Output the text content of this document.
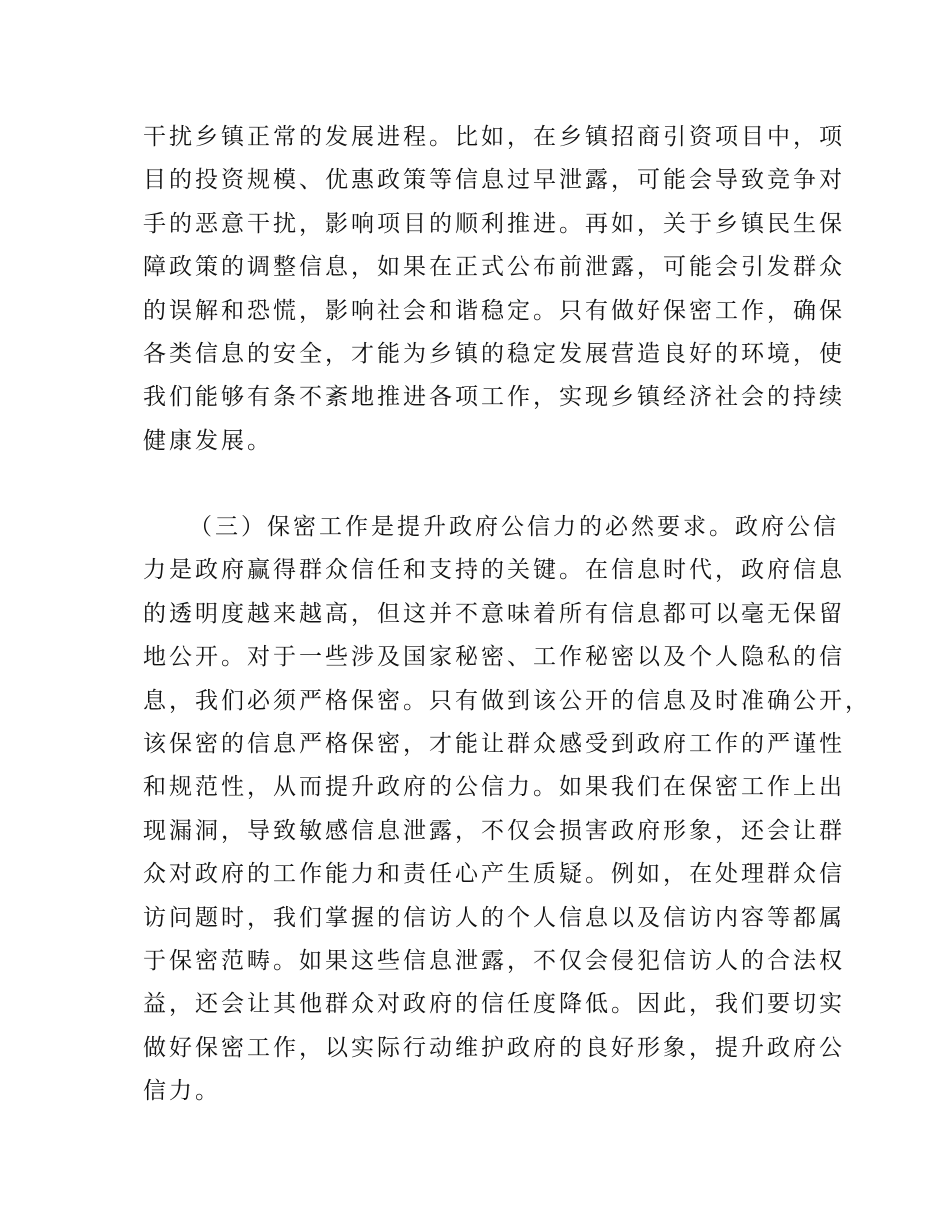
干扰乡镇正常的发展进程。比如，在乡镇招商引资项目中，项
目的投资规模、优惠政策等信息过早泄露，可能会导致竞争对
手的恶意干扰，影响项目的顺利推进。再如，关于乡镇民生保
障政策的调整信息，如果在正式公布前泄露，可能会引发群众
的误解和恐慌，影响社会和谐稳定。只有做好保密工作，确保
各类信息的安全，才能为乡镇的稳定发展营造良好的环境，使
我们能够有条不紊地推进各项工作，实现乡镇经济社会的持续
健康发展。
（三）保密工作是提升政府公信力的必然要求。政府公信
力是政府赢得群众信任和支持的关键。在信息时代，政府信息
的透明度越来越高，但这并不意味着所有信息都可以毫无保留
地公开。对于一些涉及国家秘密、工作秘密以及个人隐私的信
息，我们必须严格保密。只有做到该公开的信息及时准确公开，
该保密的信息严格保密，才能让群众感受到政府工作的严谨性
和规范性，从而提升政府的公信力。如果我们在保密工作上出
现漏洞，导致敏感信息泄露，不仅会损害政府形象，还会让群
众对政府的工作能力和责任心产生质疑。例如，在处理群众信
访问题时，我们掌握的信访人的个人信息以及信访内容等都属
于保密范畴。如果这些信息泄露，不仅会侵犯信访人的合法权
益，还会让其他群众对政府的信任度降低。因此，我们要切实
做好保密工作，以实际行动维护政府的良好形象，提升政府公
信力。
